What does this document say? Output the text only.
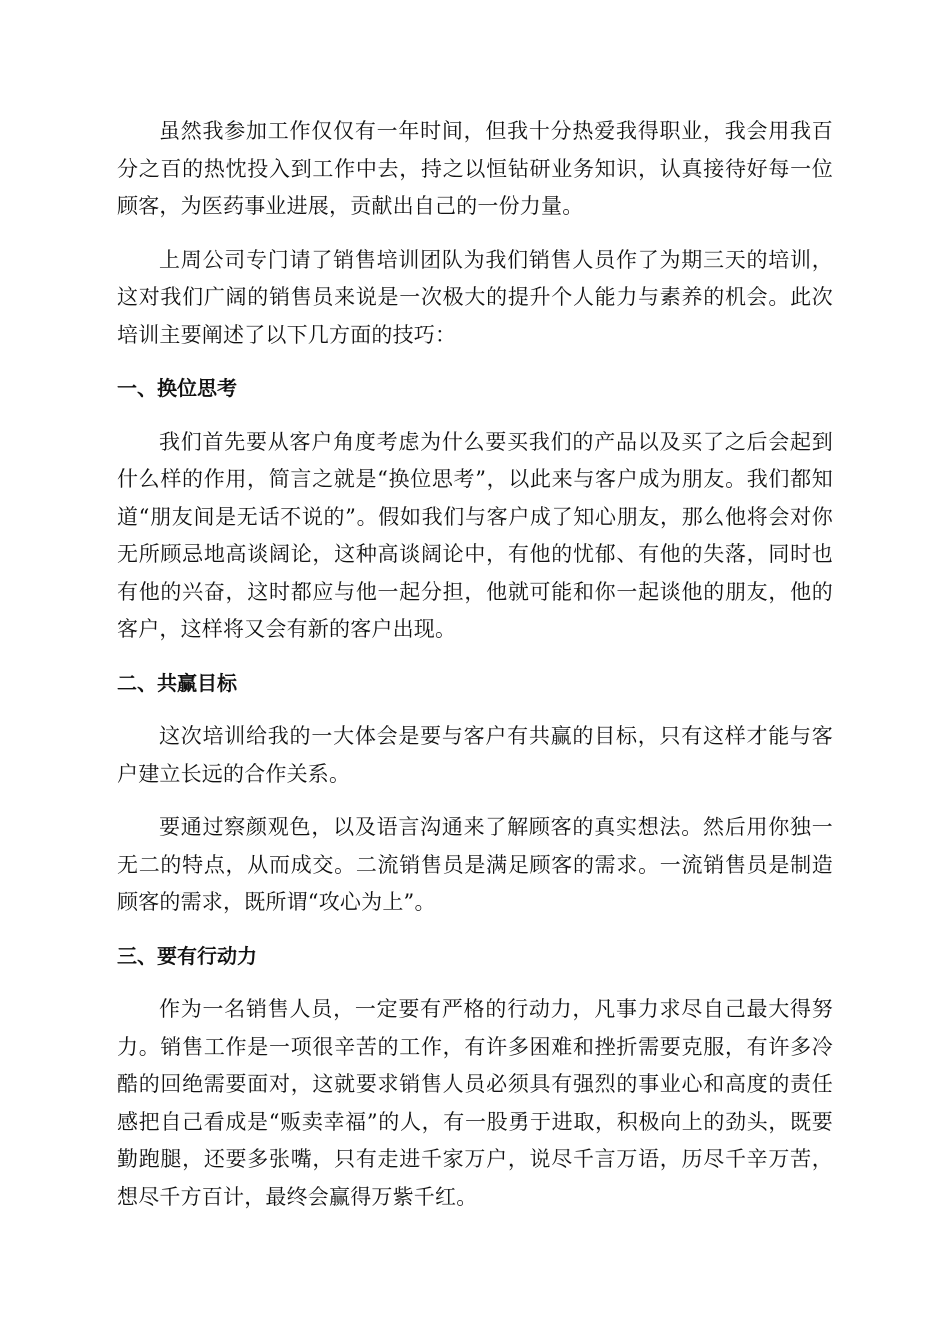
虽然我参加工作仅仅有一年时间，但我十分热爱我得职业，我会用我百分之百的热忱投入到工作中去，持之以恒钻研业务知识，认真接待好每一位顾客，为医药事业进展，贡献出自己的一份力量。

上周公司专门请了销售培训团队为我们销售人员作了为期三天的培训，这对我们广阔的销售员来说是一次极大的提升个人能力与素养的机会。此次培训主要阐述了以下几方面的技巧：

一、换位思考

我们首先要从客户角度考虑为什么要买我们的产品以及买了之后会起到什么样的作用，简言之就是“换位思考”，以此来与客户成为朋友。我们都知道“朋友间是无话不说的”。假如我们与客户成了知心朋友，那么他将会对你无所顾忌地高谈阔论，这种高谈阔论中，有他的忧郁、有他的失落，同时也有他的兴奋，这时都应与他一起分担，他就可能和你一起谈他的朋友，他的客户，这样将又会有新的客户出现。

二、共赢目标

这次培训给我的一大体会是要与客户有共赢的目标，只有这样才能与客户建立长远的合作关系。

要通过察颜观色，以及语言沟通来了解顾客的真实想法。然后用你独一无二的特点，从而成交。二流销售员是满足顾客的需求。一流销售员是制造顾客的需求，既所谓“攻心为上”。

三、要有行动力

作为一名销售人员，一定要有严格的行动力，凡事力求尽自己最大得努力。销售工作是一项很辛苦的工作，有许多困难和挫折需要克服，有许多冷酷的回绝需要面对，这就要求销售人员必须具有强烈的事业心和高度的责任感把自己看成是“贩卖幸福”的人，有一股勇于进取，积极向上的劲头，既要勤跑腿，还要多张嘴，只有走进千家万户，说尽千言万语，历尽千辛万苦，想尽千方百计，最终会赢得万紫千红。
